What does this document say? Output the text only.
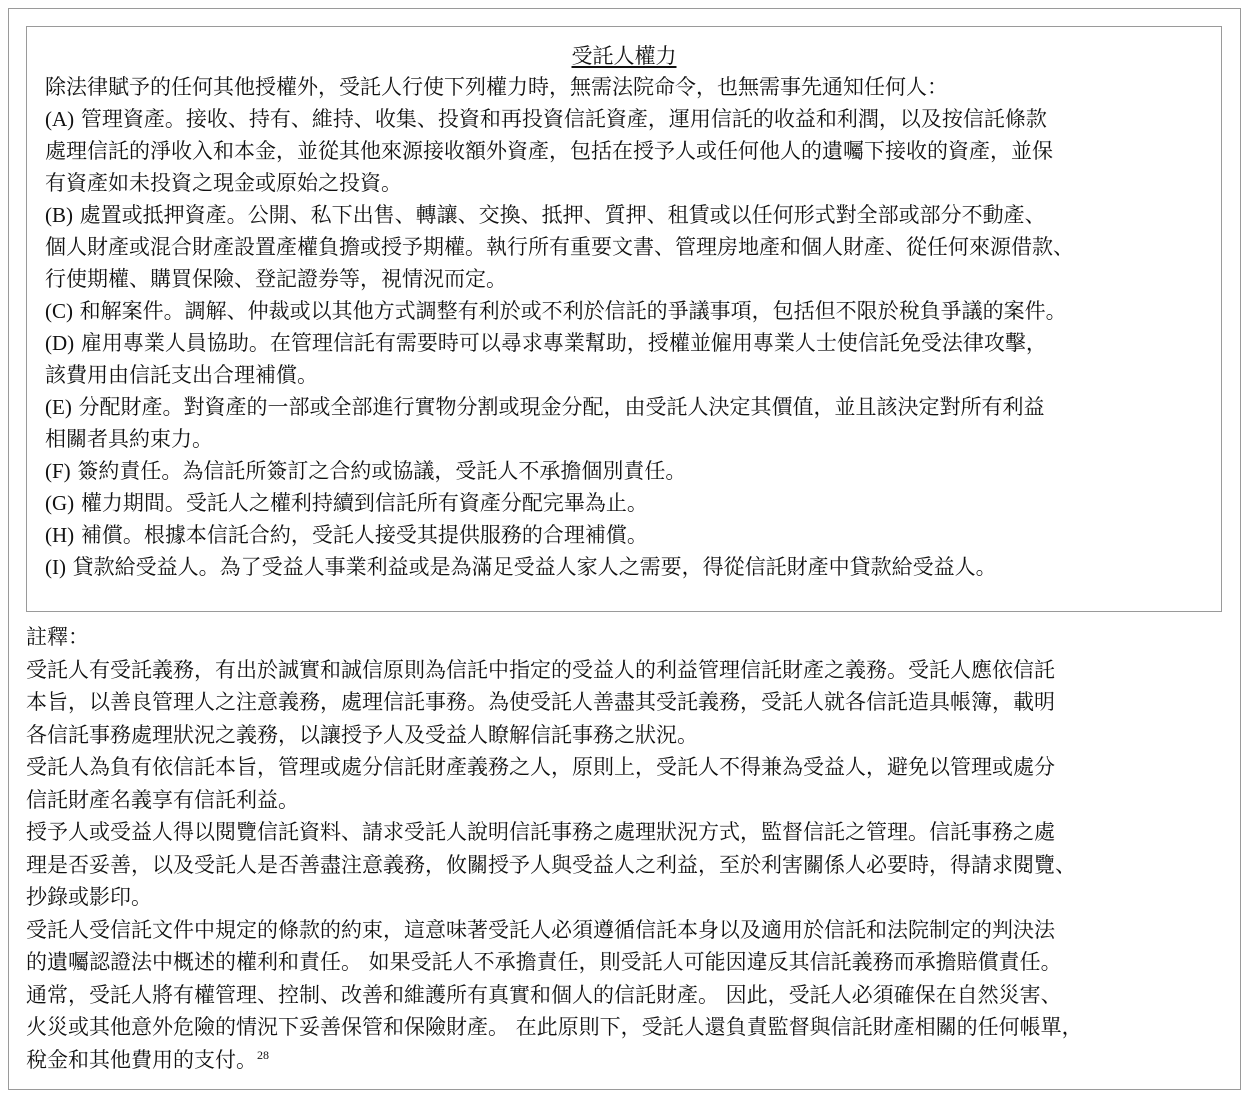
受託人權力

除法律賦予的任何其他授權外，受託人行使下列權力時，無需法院命令，也無需事先通知任何人：

(A) 管理資產。接收、持有、維持、收集、投資和再投資信託資產，運用信託的收益和利潤，以及按信託條款

處理信託的淨收入和本金，並從其他來源接收額外資產，包括在授予人或任何他人的遺囑下接收的資產，並保

有資產如未投資之現金或原始之投資。

(B) 處置或抵押資產。公開、私下出售、轉讓、交換、抵押、質押、租賃或以任何形式對全部或部分不動產、

個人財產或混合財產設置產權負擔或授予期權。執行所有重要文書、管理房地產和個人財產、從任何來源借款、

行使期權、購買保險、登記證券等，視情況而定。

(C) 和解案件。調解、仲裁或以其他方式調整有利於或不利於信託的爭議事項，包括但不限於稅負爭議的案件。

(D) 雇用專業人員協助。在管理信託有需要時可以尋求專業幫助，授權並僱用專業人士使信託免受法律攻擊，

該費用由信託支出合理補償。

(E) 分配財產。對資產的一部或全部進行實物分割或現金分配，由受託人決定其價值，並且該決定對所有利益

相關者具約束力。

(F) 簽約責任。為信託所簽訂之合約或協議，受託人不承擔個別責任。

(G) 權力期間。受託人之權利持續到信託所有資產分配完畢為止。

(H) 補償。根據本信託合約，受託人接受其提供服務的合理補償。

(I) 貸款給受益人。為了受益人事業利益或是為滿足受益人家人之需要，得從信託財產中貸款給受益人。

註釋：

受託人有受託義務，有出於誠實和誠信原則為信託中指定的受益人的利益管理信託財產之義務。受託人應依信託

本旨，以善良管理人之注意義務，處理信託事務。為使受託人善盡其受託義務，受託人就各信託造具帳簿，載明

各信託事務處理狀況之義務，以讓授予人及受益人瞭解信託事務之狀況。

受託人為負有依信託本旨，管理或處分信託財產義務之人，原則上，受託人不得兼為受益人，避免以管理或處分

信託財產名義享有信託利益。

授予人或受益人得以閱覽信託資料、請求受託人說明信託事務之處理狀況方式，監督信託之管理。信託事務之處

理是否妥善，以及受託人是否善盡注意義務，攸關授予人與受益人之利益，至於利害關係人必要時，得請求閱覽、

抄錄或影印。

受託人受信託文件中規定的條款的約束，這意味著受託人必須遵循信託本身以及適用於信託和法院制定的判決法

的遺囑認證法中概述的權利和責任。 如果受託人不承擔責任，則受託人可能因違反其信託義務而承擔賠償責任。

通常，受託人將有權管理、控制、改善和維護所有真實和個人的信託財產。 因此，受託人必須確保在自然災害、

火災或其他意外危險的情況下妥善保管和保險財產。 在此原則下，受託人還負責監督與信託財產相關的任何帳單，

稅金和其他費用的支付。$^{28}$
